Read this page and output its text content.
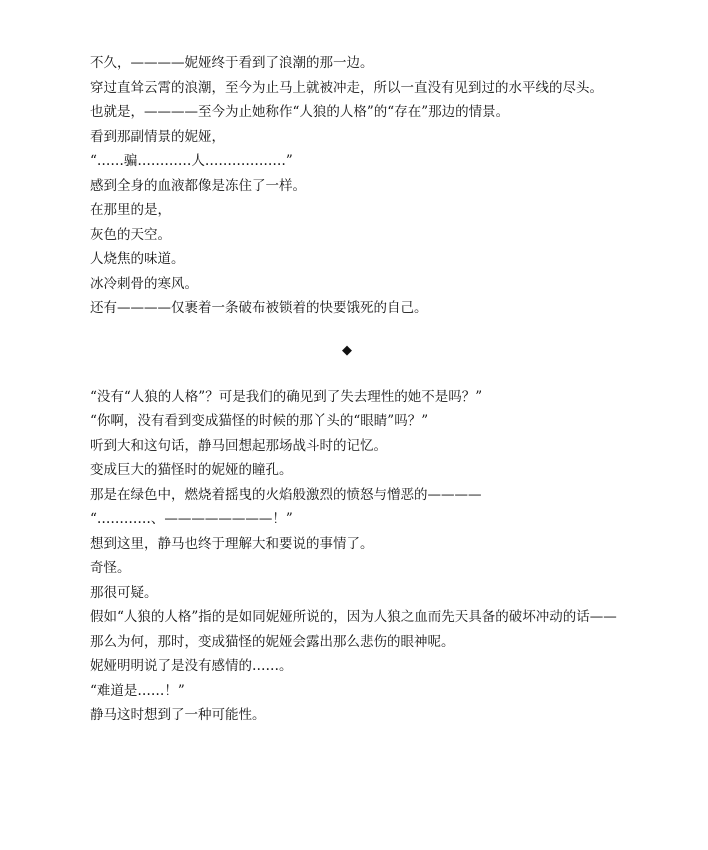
不久，————妮娅终于看到了浪潮的那一边。

穿过直耸云霄的浪潮，至今为止马上就被冲走，所以一直没有见到过的水平线的尽头。

也就是，————至今为止她称作“人狼的人格”的“存在”那边的情景。

看到那副情景的妮娅，

“……骗…………人………………”

感到全身的血液都像是冻住了一样。

在那里的是，

灰色的天空。

人烧焦的味道。

冰冷刺骨的寒风。

还有————仅裹着一条破布被锁着的快要饿死的自己。

◆

“没有“人狼的人格”？可是我们的确见到了失去理性的她不是吗？”

“你啊，没有看到变成猫怪的时候的那丫头的“眼睛”吗？”

听到大和这句话，静马回想起那场战斗时的记忆。

变成巨大的猫怪时的妮娅的瞳孔。

那是在绿色中，燃烧着摇曳的火焰般激烈的愤怒与憎恶的————

“…………、————————！”

想到这里，静马也终于理解大和要说的事情了。

奇怪。

那很可疑。

假如“人狼的人格”指的是如同妮娅所说的，因为人狼之血而先天具备的破坏冲动的话——

那么为何，那时，变成猫怪的妮娅会露出那么悲伤的眼神呢。

妮娅明明说了是没有感情的……。

“难道是……！”

静马这时想到了一种可能性。
